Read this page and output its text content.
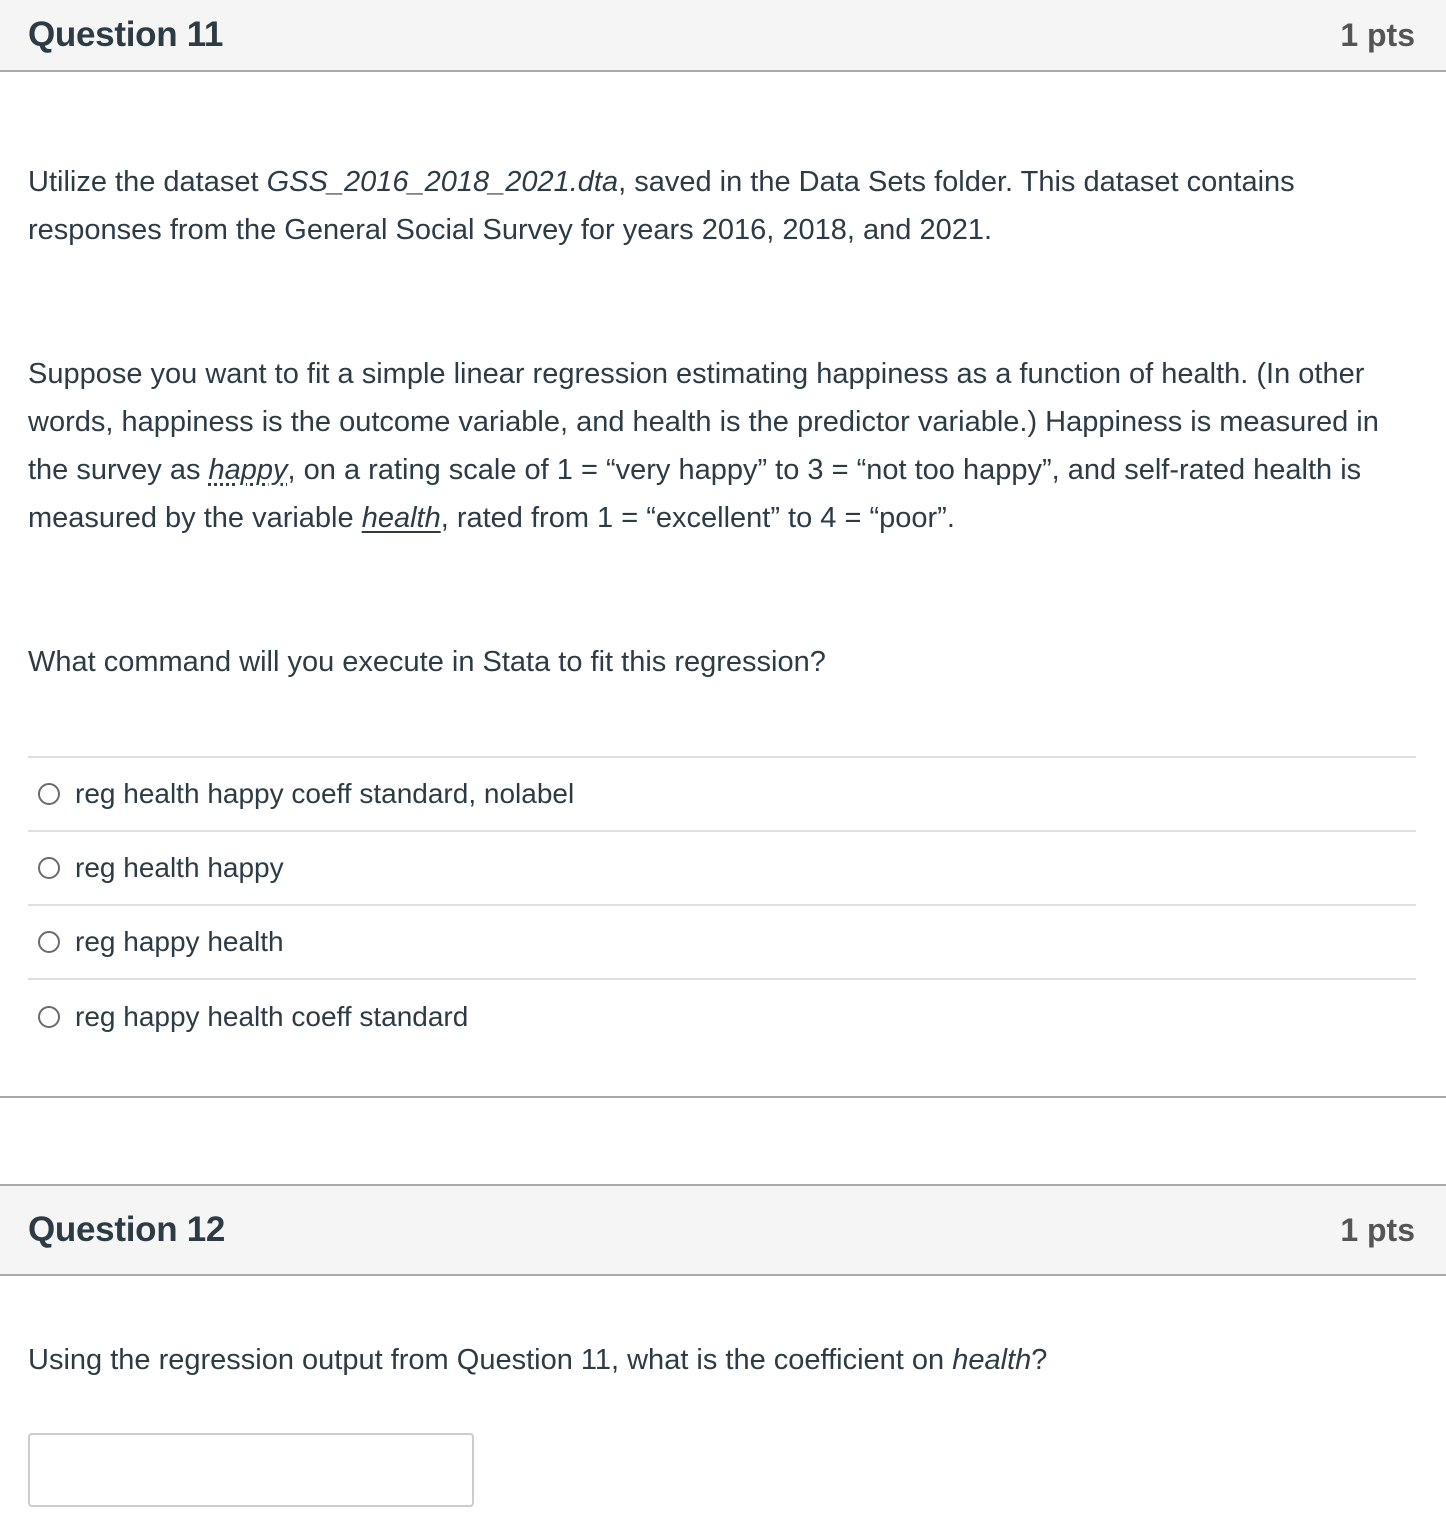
Question 11	1 pts

Utilize the dataset GSS_2016_2018_2021.dta, saved in the Data Sets folder. This dataset contains responses from the General Social Survey for years 2016, 2018, and 2021.

Suppose you want to fit a simple linear regression estimating happiness as a function of health. (In other words, happiness is the outcome variable, and health is the predictor variable.) Happiness is measured in the survey as happy, on a rating scale of 1 = “very happy” to 3 = “not too happy”, and self-rated health is measured by the variable health, rated from 1 = “excellent” to 4 = “poor”.

What command will you execute in Stata to fit this regression?

reg health happy coeff standard, nolabel
reg health happy
reg happy health
reg happy health coeff standard
Question 12	1 pts

Using the regression output from Question 11, what is the coefficient on health?
